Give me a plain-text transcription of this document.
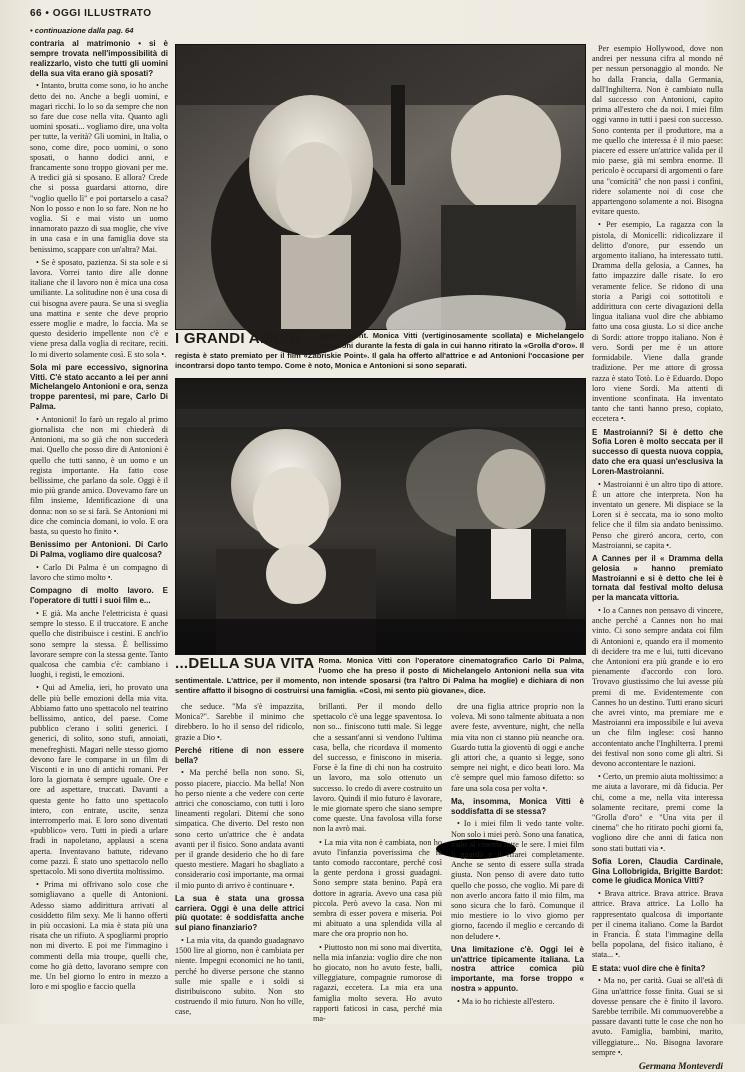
66 • OGGI ILLUSTRATO

• continuazione dalla pag. 64

contraria al matrimonio • si è sempre trovata nell'impossibilità di realizzarlo, visto che tutti gli uomini della sua vita erano già sposati?

• Intanto, brutta come sono, io ho anche detto dei no. Anche a begli uomini, e magari ricchi. Io lo so da sempre che non so fare due cose nella vita. Quanto agli uomini sposati... vogliamo dire, una volta per tutte, la verità? Gli uomini, in Italia, o sono, come dire, poco uomini, o sono sposati, o hanno dodici anni, e francamente sono troppo giovani per me. A tredici già si sposano. E allora? Crede che si possa guardarsi attorno, dire "voglio quello lì" e poi portarselo a casa? Non lo posso e non lo so fare. Non ne ho voglia. Sì e mai visto un uomo innamorato pazzo di sua moglie, che vive in una casa e in una famiglia dove sta benissimo, scappare con un'altra? Mai.

• Se è sposato, pazienza. Si sta sole e si lavora. Vorrei tanto dire alle donne italiane che il lavoro non è mica una cosa umiliante. La solitudine non è una cosa di cui bisogna avere paura. Se una si sveglia una mattina e sente che deve proprio essere moglie e madre, lo faccia. Ma se questo desiderio impellente non c'è e viene presa dalla voglia di recitare, reciti. Io mi diverto solamente così. E sto sola •.

Sola mi pare eccessivo, signorina Vitti. C'è stato accanto a lei per anni Michelangelo Antonioni e ora, senza troppe parentesi, mi pare, Carlo Di Palma.

• Antonioni! Io farò un regalo al primo giornalista che non mi chiederà di Antonioni, ma so già che non succederà mai. Quello che posso dire di Antonioni è quello che tutti sanno, è un uomo e un regista importante. Ha fatto cose bellissime, che parlano da sole. Oggi è il mio più grande amico. Dovevamo fare un film insieme, Identificazione di una donna: non so se si farà. Se Antonioni mi dice che comincia domani, io volo. E ora basta, su questo ho finito •.

Benissimo per Antonioni. Di Carlo Di Palma, vogliamo dire qualcosa?

• Carlo Di Palma è un compagno di lavoro che stimo molto •.

Compagno di molto lavoro. E l'operatore di tutti i suoi film e...

• E già. Ma anche l'elettricista è quasi sempre lo stesso. E il truccatore. E anche quello che distribuisce i cestini. E anch'io sono sempre la stessa. È bellissimo lavorare sempre con la stessa gente. Tanto qualcosa che cambia c'è: cambiano i luoghi, i registi, le emozioni.

• Qui ad Amelia, ieri, ho provato una delle più belle emozioni della mia vita. Abbiamo fatto uno spettacolo nel teatrino bellissimo, antico, del paese. Come pubblico c'erano i soliti generici. I generici, di solito, sono stufi, annoiati, menefreghisti. Magari nelle stesso giorno devono fare le comparse in un film di Visconti e in uno di antichi romani. Per loro la giornata è sempre uguale. Ore e ore ad aspettare, truccati. Davanti a questa gente ho fatto uno spettacolo intero, con entrate, uscite, senza interromperlo mai. E loro sono diventati «pubblico» vero. Tutti in piedi a urlare fradi in napoletano, applausi a scena aperta. Inventavano battute, ridevano come pazzi. È stato uno spettacolo nello spettacolo. Mi sono divertita moltissimo.

• Prima mi offrivano solo cose che somigliavano a quelle di Antonioni. Adesso siamo addirittura arrivati al cosiddetto film sexy. Me li hanno offerti in più occasioni. La mia è stata più una risata che un rifiuto. A spogliarmi proprio non mi diverto. E poi me l'immagino i commenti della mia troupe, quelli che, come ho già detto, lavorano sempre con me. Un bel giorno lo entro in mezzo a loro e mi spoglio e faccio quella

I GRANDI AMORI... Saint-Vincent. Monica Vitti (vertiginosamente scollata) e Michelangelo Antonioni durante la festa di gala in cui hanno ritirato la «Grolla d'oro». Il regista è stato premiato per il film «Zabriskie Point». Il gala ha offerto all'attrice e ad Antonioni l'occasione per incontrarsi dopo tanto tempo. Come è noto, Monica e Antonioni si sono separati.
...DELLA SUA VITA Roma. Monica Vitti con l'operatore cinematografico Carlo Di Palma, l'uomo che ha preso il posto di Michelangelo Antonioni nella sua vita sentimentale. L'attrice, per il momento, non intende sposarsi (tra l'altro Di Palma ha moglie) e dichiara di non sentire affatto il bisogno di costruirsi una famiglia. «Così, mi sento più giovane», dice.

che seduce. "Ma s'è impazzita, Monica?". Sarebbe il minimo che direbbero. Io ho il senso del ridicolo, grazie a Dio •.

Perché ritiene di non essere bella?

• Ma perché bella non sono. Sì, posso piacere, piaccio. Ma bella! Non ho perso niente a che vedere con certe attrici che conosciamo, con tutti i loro lineamenti regolari. Ditemi che sono simpatica. Che diverto. Del resto non sono certo un'attrice che è andata avanti per il fisico. Sono andata avanti per il grande desiderio che ho di fare questo mestiere. Magari ho sbagliato a considerario così importante, ma ormai il mio punto di arrivo è continuare •.

La sua è stata una grossa carriera. Oggi è una delle attrici più quotate: è soddisfatta anche sul piano finanziario?

• La mia vita, da quando guadagnavo 1500 lire al giorno, non è cambiata per niente. Impegni economici ne ho tanti, perché ho diverse persone che stanno sulle mie spalle e i soldi si distribuiscono subito. Non sto costruendo il mio futuro. Non ho ville, case,

brillanti. Per il mondo dello spettacolo c'è una legge spaventosa. Io non so... finiscono tutti male. Si legge che a sessant'anni si vendono l'ultima casa, bella, che ricordava il momento del successo, e finiscono in miseria. Forse è la fine di chi non ha costruito un lavoro, ma solo ottenuto un successo. Io credo di avere costruito un lavoro. Quindi il mio futuro è lavorare, le mie giornate spero che siano sempre come queste. Una favolosa villa forse non la avrò mai.

• La mia vita non è cambiata, non ho avuto l'infanzia poverissima che fa tanto comodo raccontare, perché così la gente perdona i grossi guadagni. Sono sempre stata benino. Papà era dottore in agraria. Avevo una casa più piccola. Però avevo la casa. Non mi sembra di esser povera e miseria. Poi mi abituato a una splendida villa al mare che ora proprio non ho.

• Piuttosto non mi sono mai divertita, nella mia infanzia: voglio dire che non ho giocato, non ho avuto feste, balli, villeggiature, compagnie rumorose di ragazzi, eccetera. La mia era una famiglia molto severa. Ho avuto rapporti faticosi in casa, perché mia ma-

dre una figlia attrice proprio non la voleva. Mi sono talmente abituata a non avere feste, avventure, night, che nella mia vita non ci stanno più neanche ora. Guardo tutta la gioventù di oggi e anche gli attori che, a quanto si legge, sono sempre nei night, e dico beati loro. Ma c'è sempre quel mio famoso difetto: so fare una sola cosa per volta •.

Ma, insomma, Monica Vitti è soddisfatta di se stessa?

• Io i miei film li vedo tante volte. Non solo i miei però. Sono una fanatica, vado al cinema tutte le sere. I miei film li guardo e li rifarei completamente. Anche se sento di essere sulla strada giusta. Non penso di avere dato tutto quello che posso, che voglio. Mi pare di non averlo ancora fatto il mio film, ma sono sicura che lo farò. Comunque il mio mestiere io lo vivo giorno per giorno, facendo il meglio e cercando di non deludere •.

Una limitazione c'è. Oggi lei è un'attrice tipicamente italiana. La nostra attrice comica più importante, ma forse troppo « nostra » appunto.

• Ma io ho richieste all'estero.

Per esempio Hollywood, dove non andrei per nessuna cifra al mondo né per nessun personaggio al mondo. Ne ho dalla Francia, dalla Germania, dall'Inghilterra. Non è cambiato nulla dal successo con Antonioni, capito prima all'estero che da noi. I miei film oggi vanno in tutti i paesi con successo. Sono contenta per il produttore, ma a me quello che interessa è il mio paese: piacere ed essere un'attrice valida per il mio paese, già mi sembra enorme. Il pericolo è occuparsi di argomenti o fare una "comicità" che non passi i confini, ridere solamente noi di cose che appartengono solamente a noi. Bisogna evitare questo.

• Per esempio, La ragazza con la pistola, di Monicelli: ridicolizzare il delitto d'onore, pur essendo un argomento italiano, ha interessato tutti. Dramma della gelosia, a Cannes, ha fatto impazzire dalle risate. Io ero veramente felice. Se ridono di una storia a Parigi coi sottotitoli e addirittura con certe divagazioni della lingua italiana vuol dire che abbiamo fatto una cosa giusta. Lo si dice anche di Sordi: attore troppo italiano. Non è vero. Sordi per me è un attore formidabile. Viene dalla grande tradizione. Per me attore di grossa razza è stato Totò. Lo è Eduardo. Dopo loro viene Sordi. Ma attenti di inventione sconfinata. Ha inventato tanto che tanti hanno preso, copiato, eccetera •.

E Mastroianni? Si è detto che Sofia Loren è molto seccata per il successo di questa nuova coppia, dato che era quasi un'esclusiva la Loren-Mastroianni.

• Mastroianni è un altro tipo di attore. È un attore che interpreta. Non ha inventato un genere. Mi dispiace se la Loren si è seccata, ma io sono molto felice che il film sia andato benissimo. Penso che gireró ancora, certo, con Mastroianni, se capita •.

A Cannes per il « Dramma della gelosia » hanno premiato Mastroianni e si è detto che lei è tornata dal festival molto delusa per la mancata vittoria.

• Io a Cannes non pensavo di vincere, anche perché a Cannes non ho mai vinto. Ci sono sempre andata coi film di Antonioni e, quando era il momento di decidere tra me e lui, tutti dicevano che Antonioni era più grande e io ero pienamente d'accordo con loro. Trovavo giustissimo che lui avesse più premi di me. Evidentemente con Cannes ho un destino. Tutti erano sicuri che avrei vinto, ma premiare me e Mastroianni era impossibile e lui aveva un che film inglese: così hanno accontentato anche l'Inghilterra. I premi dei festival non sono come gli altri. Si devono accontentare le nazioni.

• Certo, un premio aiuta moltissimo: a me aiuta a lavorare, mi dà fiducia. Per chi, come a me, nella vita interessa solamente recitare, premi come la "Grolla d'oro" e "Una vita per il cinema" che ho ritirato pochi giorni fa, vogliono dire che anni di fatica non sono stati buttati via •.

Sofia Loren, Claudia Cardinale, Gina Lollobrigida, Brigitte Bardot: come le giudica Monica Vitti?

• Brava attrice. Brava attrice. Brava attrice. Brava attrice. La Lollo ha rappresentato qualcosa di importante per il cinema italiano. Come la Bardot in Francia. È stata l'immagine della bella popolana, del fisico italiano, è stata... •.

E stata: vuol dire che è finita?

• Ma no, per carità. Guai se all'età di Gina un'attrice fosse finita. Guai se si dovesse pensare che è finito il lavoro. Sarebbe terribile. Mi commuoverebbe a passare davanti tutte le cose che non ho avuto. Famiglia, bambini, marito, villeggiature... No. Bisogna lavorare sempre •.

Germana Monteverdi
